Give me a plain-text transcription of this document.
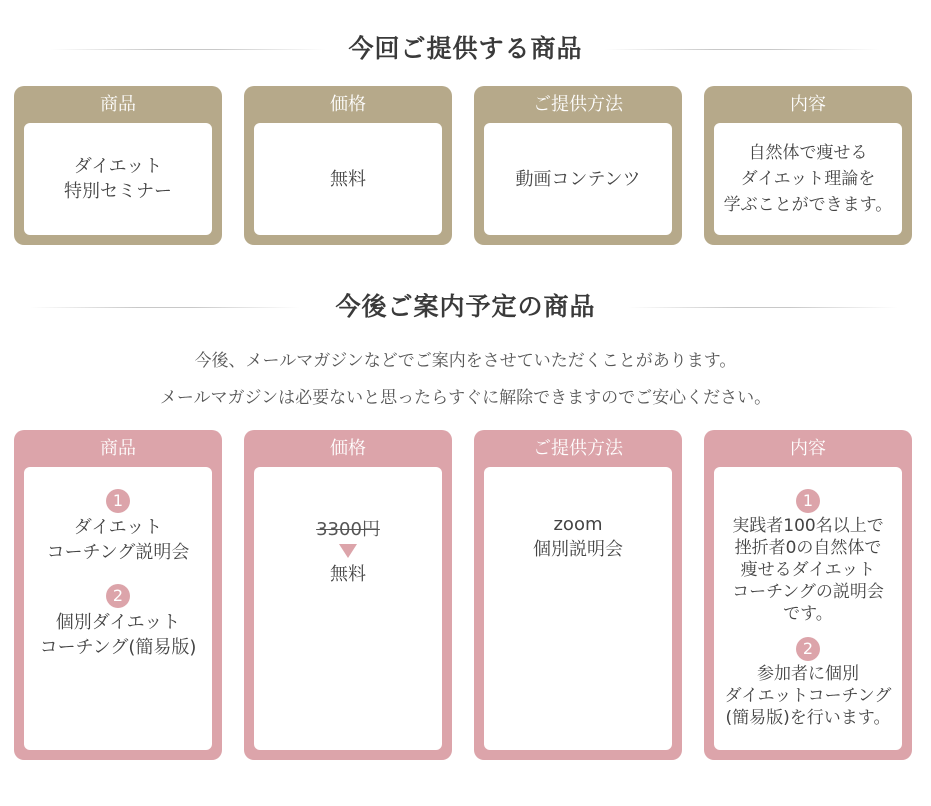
今回ご提供する商品
商品
ダイエット
特別セミナー
価格
無料
ご提供方法
動画コンテンツ
内容
自然体で痩せる
ダイエット理論を
学ぶことができます。
今後ご案内予定の商品
今後、メールマガジンなどでご案内をさせていただくことがあります。
メールマガジンは必要ないと思ったらすぐに解除できますのでご安心ください。
商品
1
ダイエット
コーチング説明会
2
個別ダイエット
コーチング(簡易版)
価格
3300円
無料
ご提供方法
zoom
個別説明会
内容
1
実践者100名以上で
挫折者0の自然体で
痩せるダイエット
コーチングの説明会
です。
2
参加者に個別
ダイエットコーチング
(簡易版)を行います。
